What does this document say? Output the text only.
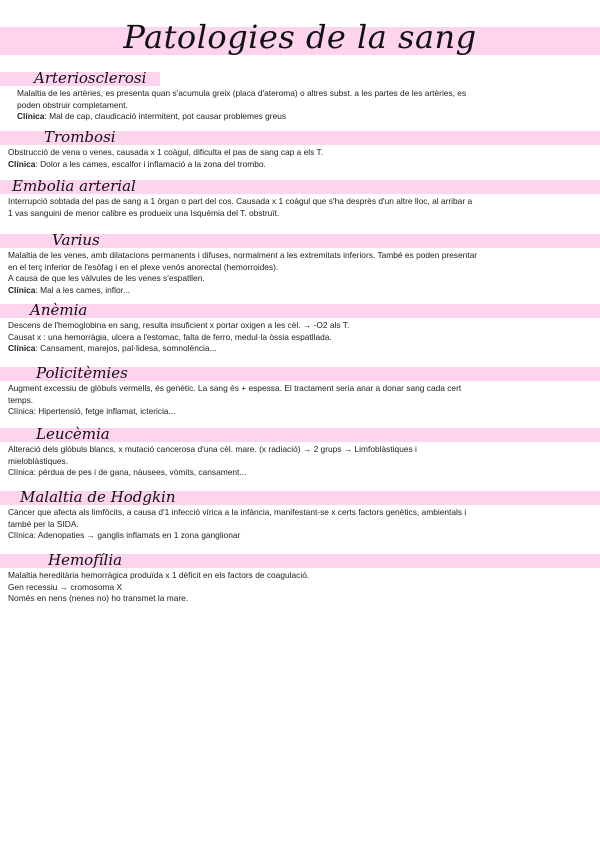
Patologies de la sang
Arteriosclerosi
Malaltia de les artèries, es presenta quan s'acumula greix (placa d'ateroma) o altres subst. a les partes de les artèries, es
poden obstruir completament.
Clínica: Mal de cap, claudicació intermitent, pot causar problemes greus
Trombosi
Obstrucció de vena o venes, causada x 1 coàgul, dificulta el pas de sang cap a els T.
Clínica: Dolor a les cames, escalfor i inflamació a la zona del trombo.
Embolia arterial
Interrupció sobtada del pas de sang a 1 òrgan o part del cos. Causada x 1 coàgul que s'ha desprès d'un altre lloc, al arribar a
1 vas sanguini de menor calibre es produeix una Isquèmia del T. obstruït.
Varius
Malaltia de les venes, amb dilatacions permanents i difuses, normalment a les extremitats inferiors. També es poden presentar
en el terç inferior de l'esòfag i en el plexe venós anorectal (hemorroides).
A causa de que les vàlvules de les venes s'espatllen.
Clínica: Mal a les cames, inflor...
Anèmia
Descens de l'hemoglobina en sang, resulta insuficient x portar oxigen a les cèl. → -O2 als T.
Causat x : una hemorràgia, ulcera a l'estomac, falta de ferro, medul·la òssia espatllada.
Clínica: Cansament, marejos, pal·lidesa, somnolència...
Policitèmies
Augment excessiu de glòbuls vermells, és genètic. La sang és + espessa. El tractament seria anar a donar sang cada cert
temps.
Clínica: Hipertensió, fetge inflamat, ictericia...
Leucèmia
Alteració dels glòbuls blancs, x mutació cancerosa d'una cèl. mare. (x radiació) → 2 grups → Limfoblàstiques i
mieloblàstiques.
Clínica: pèrdua de pes i de gana, nàusees, vòmits, cansament...
Malaltia de Hodgkin
Càncer que afecta als limfòcits, a causa d'1 infecció vírica a la infància, manifestant-se x certs factors genètics, ambientals i
també per la SIDA.
Clínica: Adenopaties → ganglis inflamats en 1 zona ganglionar
Hemofília
Malaltia hereditària hemorràgica produïda x 1 dèficit en els factors de coagulació.
Gen recessiu → cromosoma X
Només en nens (nenes no) ho transmet la mare.
